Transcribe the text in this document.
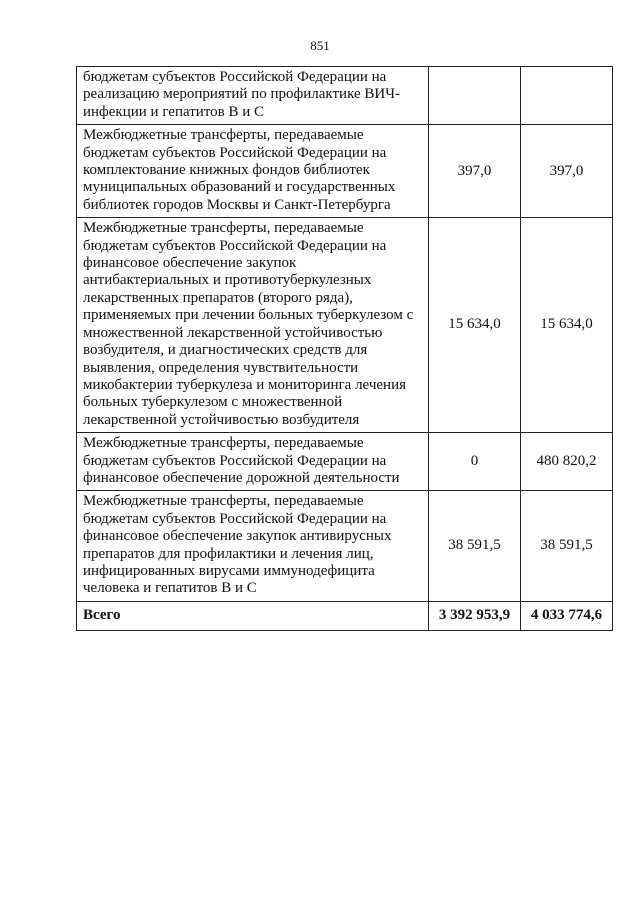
851
бюджетам субъектов Российской Федерации на реализацию мероприятий по профилактике ВИЧ-инфекции и гепатитов В и С		
Межбюджетные трансферты, передаваемые бюджетам субъектов Российской Федерации на комплектование книжных фондов библиотек муниципальных образований и государственных библиотек городов Москвы и Санкт-Петербурга	397,0	397,0
Межбюджетные трансферты, передаваемые бюджетам субъектов Российской Федерации на финансовое обеспечение закупок антибактериальных и противотуберкулезных лекарственных препаратов (второго ряда), применяемых при лечении больных туберкулезом с множественной лекарственной устойчивостью возбудителя, и диагностических средств для выявления, определения чувствительности микобактерии туберкулеза и мониторинга лечения больных туберкулезом с множественной лекарственной устойчивостью возбудителя	15 634,0	15 634,0
Межбюджетные трансферты, передаваемые бюджетам субъектов Российской Федерации на финансовое обеспечение дорожной деятельности	0	480 820,2
Межбюджетные трансферты, передаваемые бюджетам субъектов Российской Федерации на финансовое обеспечение закупок антивирусных препаратов для профилактики и лечения лиц, инфицированных вирусами иммунодефицита человека и гепатитов В и С	38 591,5	38 591,5
Всего	3 392 953,9	4 033 774,6
